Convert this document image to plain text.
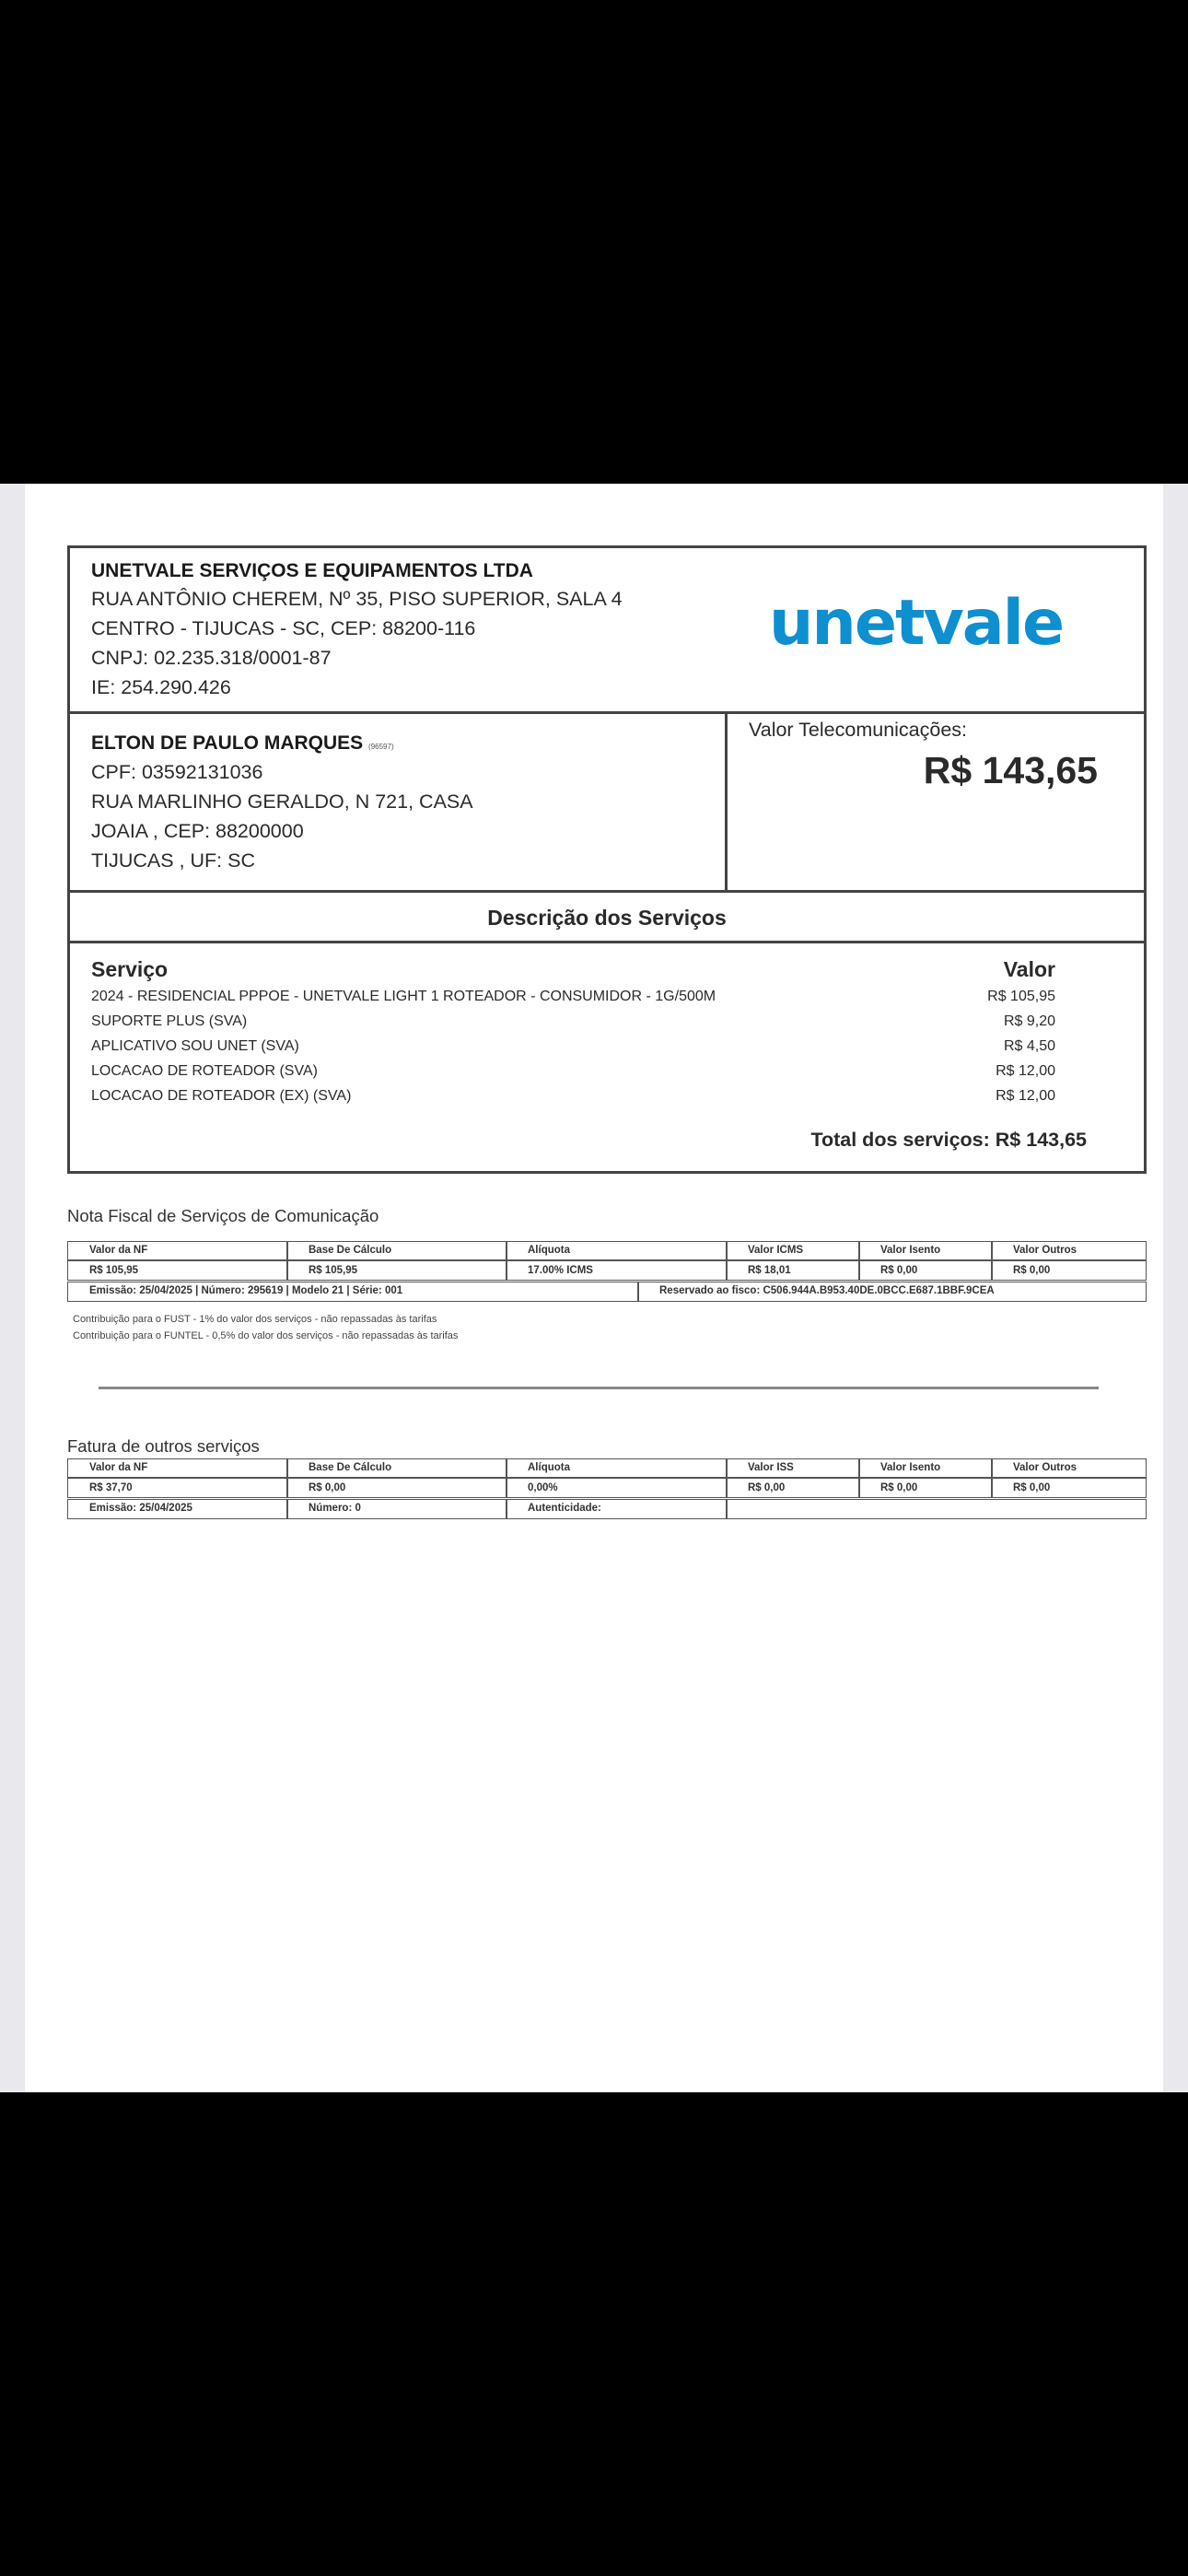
UNETVALE SERVIÇOS E EQUIPAMENTOS LTDA
RUA ANTÔNIO CHEREM, Nº 35, PISO SUPERIOR, SALA 4
CENTRO - TIJUCAS - SC, CEP: 88200-116
CNPJ: 02.235.318/0001-87
IE: 254.290.426
unetvale
ELTON DE PAULO MARQUES (96597)
CPF: 03592131036
RUA MARLINHO GERALDO, N 721, CASA
JOAIA , CEP: 88200000
TIJUCAS , UF: SC
Valor Telecomunicações:
R$ 143,65
Descrição dos Serviços
Serviço	Valor
2024 - RESIDENCIAL PPPOE - UNETVALE LIGHT 1 ROTEADOR - CONSUMIDOR - 1G/500M	R$ 105,95
SUPORTE PLUS (SVA)	R$ 9,20
APLICATIVO SOU UNET (SVA)	R$ 4,50
LOCACAO DE ROTEADOR (SVA)	R$ 12,00
LOCACAO DE ROTEADOR (EX) (SVA)	R$ 12,00
Total dos serviços: R$ 143,65
Nota Fiscal de Serviços de Comunicação
Valor da NF	Base De Cálculo	Alíquota	Valor ICMS	Valor Isento	Valor Outros
R$ 105,95	R$ 105,95	17.00% ICMS	R$ 18,01	R$ 0,00	R$ 0,00
Emissão: 25/04/2025 | Número: 295619 | Modelo 21 | Série: 001	Reservado ao fisco: C506.944A.B953.40DE.0BCC.E687.1BBF.9CEA
Contribuição para o FUST - 1% do valor dos serviços - não repassadas às tarifas
Contribuição para o FUNTEL - 0,5% do valor dos serviços - não repassadas às tarifas
Fatura de outros serviços
Valor da NF	Base De Cálculo	Alíquota	Valor ISS	Valor Isento	Valor Outros
R$ 37,70	R$ 0,00	0,00%	R$ 0,00	R$ 0,00	R$ 0,00
Emissão: 25/04/2025	Número: 0	Autenticidade:
